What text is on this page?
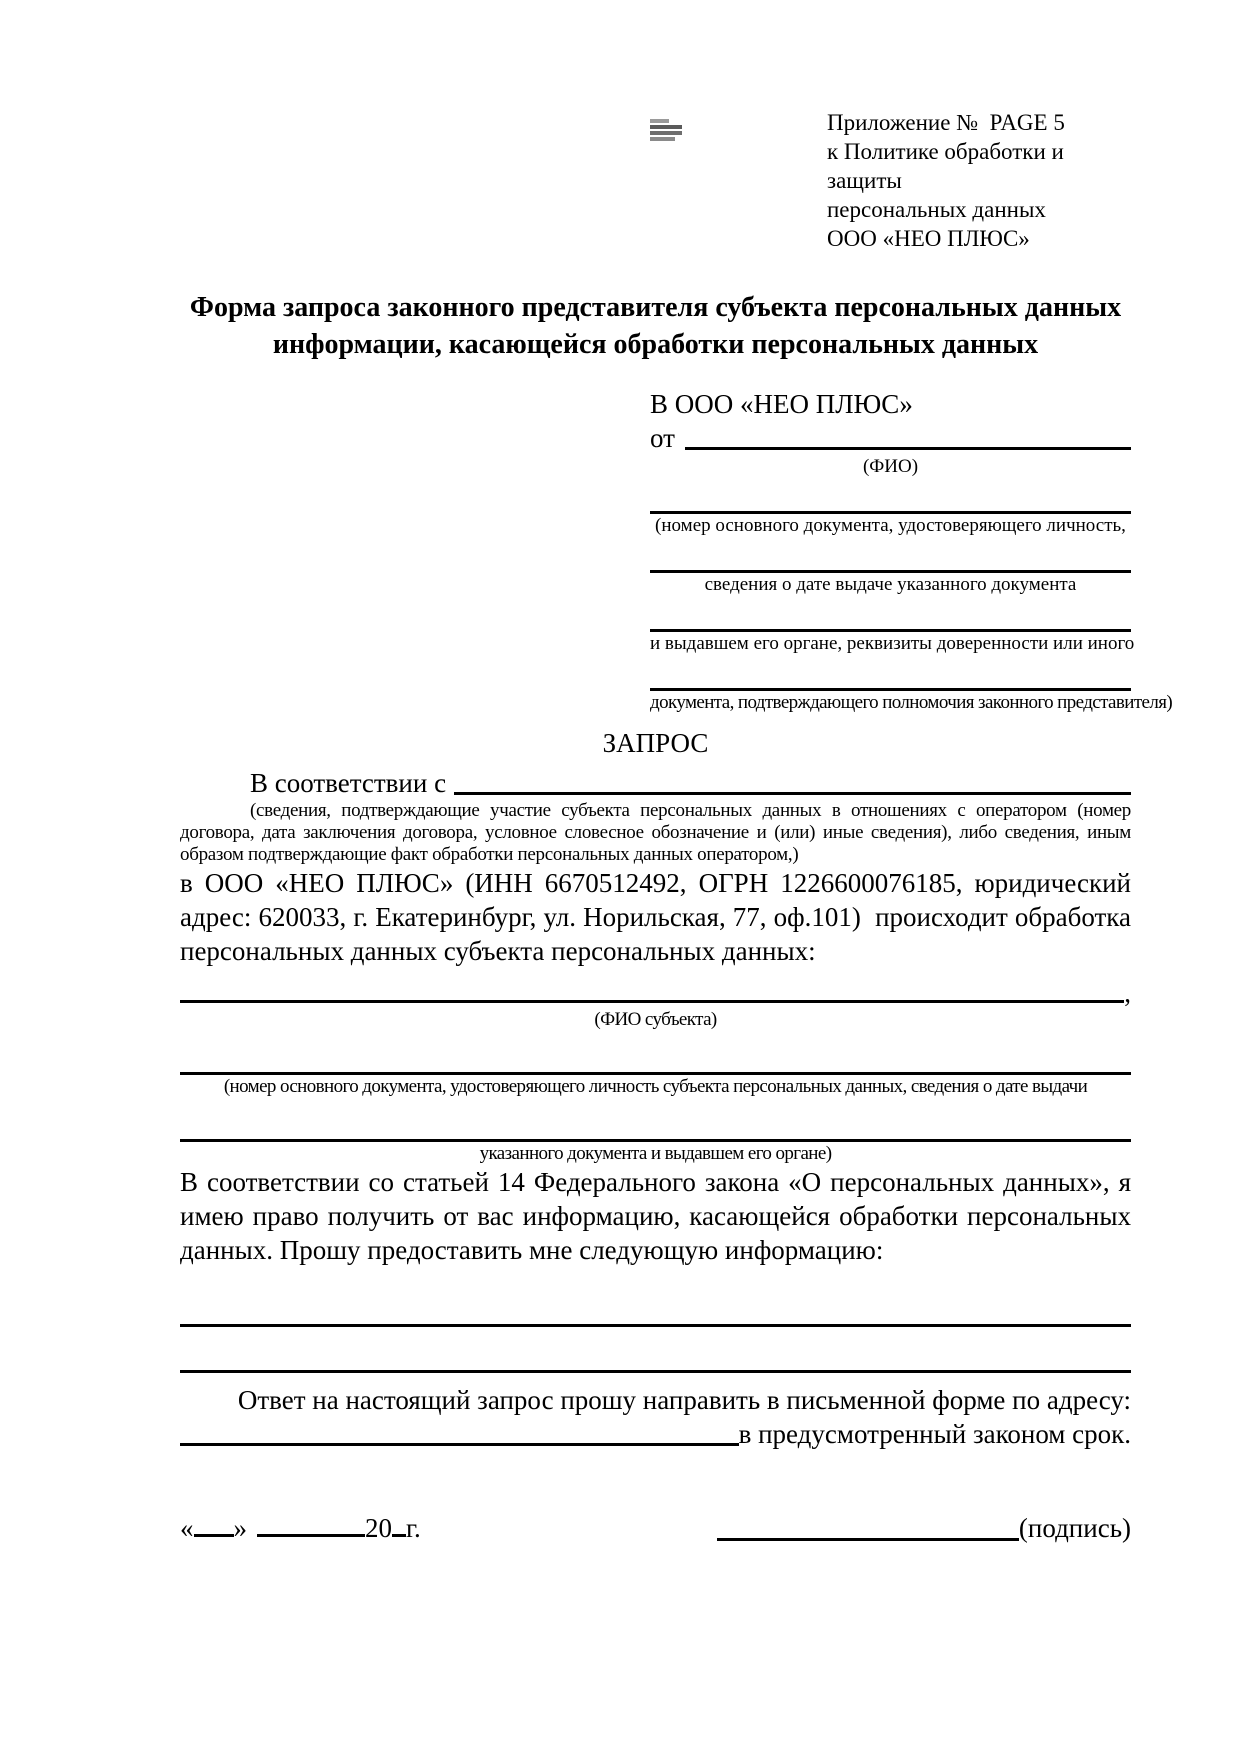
Приложение №  PAGE 5
к Политике обработки и защиты
персональных данных
ООО «НЕО ПЛЮС»
Форма запроса законного представителя субъекта персональных данных
информации, касающейся обработки персональных данных
В ООО «НЕО ПЛЮС»
от
(ФИО)
(номер основного документа, удостоверяющего личность,
сведения о дате выдаче указанного документа
и выдавшем его органе, реквизиты доверенности или иного
документа, подтверждающего полномочия законного представителя)
ЗАПРОС
В соответствии с
(сведения, подтверждающие участие субъекта персональных данных в отношениях с оператором (номер договора, дата заключения договора, условное словесное обозначение и (или) иные сведения), либо сведения, иным образом подтверждающие факт обработки персональных данных оператором,)
в ООО «НЕО ПЛЮС» (ИНН 6670512492, ОГРН 1226600076185, юридический адрес: 620033, г. Екатеринбург, ул. Норильская, 77, оф.101)  происходит обработка персональных данных субъекта персональных данных:
,
(ФИО субъекта)
(номер основного документа, удостоверяющего личность субъекта персональных данных, сведения о дате выдачи
указанного документа и выдавшем его органе)
В соответствии со статьей 14 Федерального закона «О персональных данных», я имею право получить от вас информацию, касающейся обработки персональных данных. Прошу предоставить мне следующую информацию:
Ответ на настоящий запрос прошу направить в письменной форме по адресу:
в предусмотренный законом срок.
« »	20 г.	(подпись)
